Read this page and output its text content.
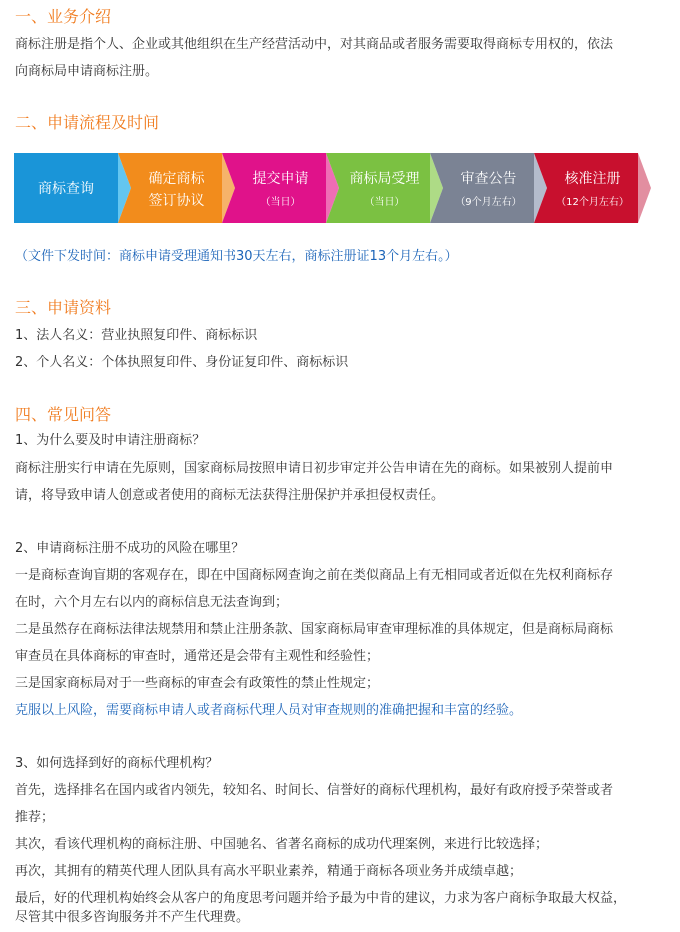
一、业务介绍

商标注册是指个人、企业或其他组织在生产经营活动中，对其商品或者服务需要取得商标专用权的，依法

向商标局申请商标注册。

二、申请流程及时间
商标查询
确定商标
签订协议
提交申请
（当日）
商标局受理
（当日）
审查公告
（9个月左右）
核准注册
（12个月左右）

（文件下发时间：商标申请受理通知书30天左右，商标注册证13个月左右。）

三、申请资料

1、法人名义：营业执照复印件、商标标识

2、个人名义：个体执照复印件、身份证复印件、商标标识

四、常见问答

1、为什么要及时申请注册商标？

商标注册实行申请在先原则，国家商标局按照申请日初步审定并公告申请在先的商标。如果被别人提前申

请，将导致申请人创意或者使用的商标无法获得注册保护并承担侵权责任。

2、申请商标注册不成功的风险在哪里？

一是商标查询盲期的客观存在，即在中国商标网查询之前在类似商品上有无相同或者近似在先权利商标存

在时，六个月左右以内的商标信息无法查询到；

二是虽然存在商标法律法规禁用和禁止注册条款、国家商标局审查审理标准的具体规定，但是商标局商标

审查员在具体商标的审查时，通常还是会带有主观性和经验性；

三是国家商标局对于一些商标的审查会有政策性的禁止性规定；

克服以上风险，需要商标申请人或者商标代理人员对审查规则的准确把握和丰富的经验。

3、如何选择到好的商标代理机构？

首先，选择排名在国内或省内领先，较知名、时间长、信誉好的商标代理机构，最好有政府授予荣誉或者

推荐；

其次，看该代理机构的商标注册、中国驰名、省著名商标的成功代理案例，来进行比较选择；

再次，其拥有的精英代理人团队具有高水平职业素养，精通于商标各项业务并成绩卓越；

最后，好的代理机构始终会从客户的角度思考问题并给予最为中肯的建议，力求为客户商标争取最大权益，

尽管其中很多咨询服务并不产生代理费。
